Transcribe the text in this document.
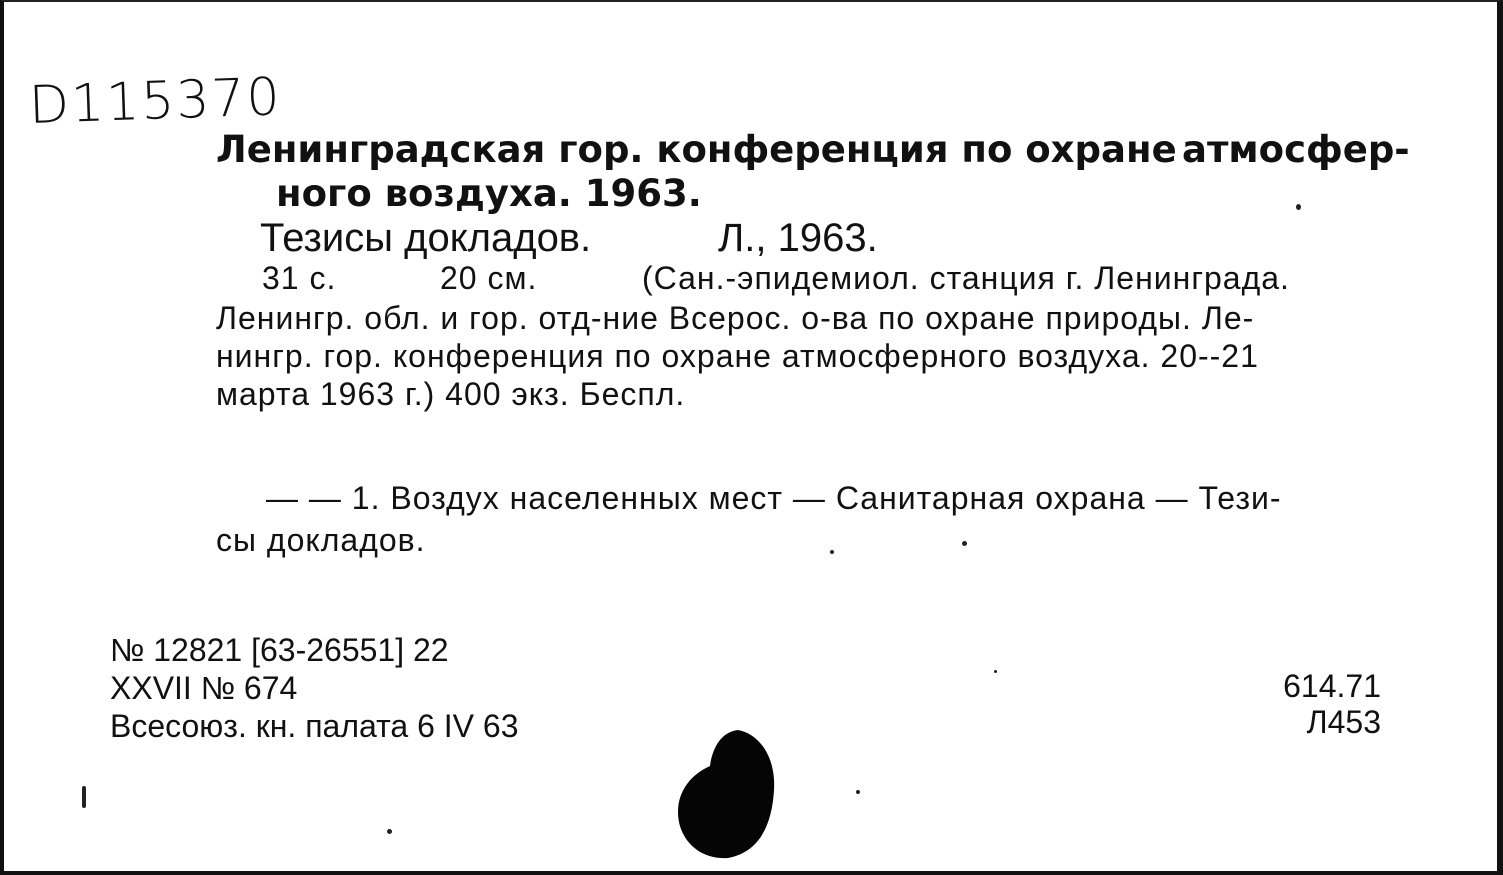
D115370
Ленинградская гор. конференция по охране атмосфер-
ного воздуха. 1963.
Тезисы докладов.	Л., 1963.
31 с.	20 см.	(Сан.-эпидемиол. станция г. Ленинграда.
Ленингр. обл. и гор. отд-ние Всерос. о-ва по охране природы. Ле-
нингр. гор. конференция по охране атмосферного воздуха. 20--21
марта 1963 г.) 400 экз. Беспл.
— — 1. Воздух населенных мест — Санитарная охрана — Тези-
сы докладов.
№ 12821 [63-26551] 22
XXVII № 674
Всесоюз. кн. палата 6 IV 63
614.71
Л453
